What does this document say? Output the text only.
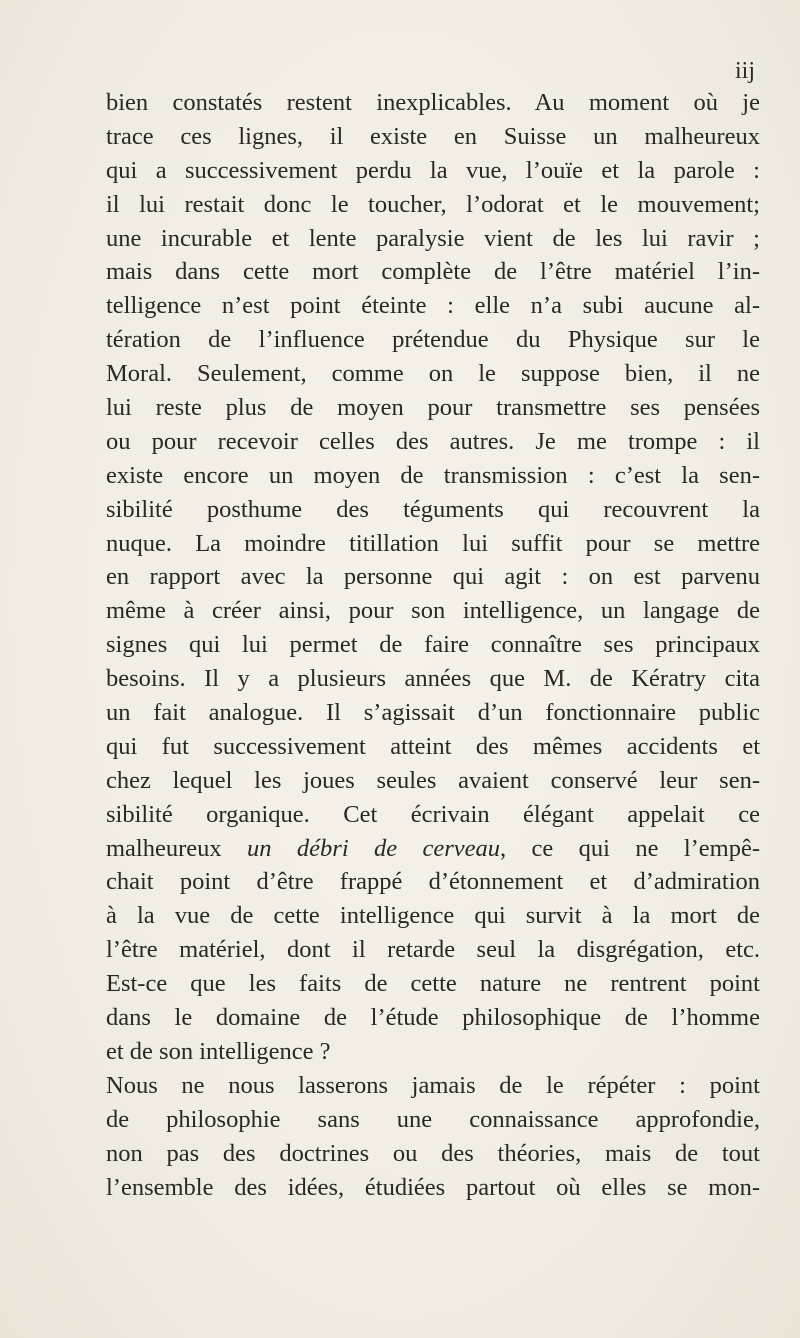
iij
bien constatés restent inexplicables. Au moment où je
trace ces lignes, il existe en Suisse un malheureux
qui a successivement perdu la vue, l’ouïe et la parole :
il lui restait donc le toucher, l’odorat et le mouvement;
une incurable et lente paralysie vient de les lui ravir ;
mais dans cette mort complète de l’être matériel l’in-
telligence n’est point éteinte : elle n’a subi aucune al-
tération de l’influence prétendue du Physique sur le
Moral. Seulement, comme on le suppose bien, il ne
lui reste plus de moyen pour transmettre ses pensées
ou pour recevoir celles des autres. Je me trompe : il
existe encore un moyen de transmission : c’est la sen-
sibilité posthume des téguments qui recouvrent la
nuque. La moindre titillation lui suffit pour se mettre
en rapport avec la personne qui agit : on est parvenu
même à créer ainsi, pour son intelligence, un langage de
signes qui lui permet de faire connaître ses principaux
besoins. Il y a plusieurs années que M. de Kératry cita
un fait analogue. Il s’agissait d’un fonctionnaire public
qui fut successivement atteint des mêmes accidents et
chez lequel les joues seules avaient conservé leur sen-
sibilité organique. Cet écrivain élégant appelait ce
malheureux un débri de cerveau, ce qui ne l’empê-
chait point d’être frappé d’étonnement et d’admiration
à la vue de cette intelligence qui survit à la mort de
l’être matériel, dont il retarde seul la disgrégation, etc.
Est-ce que les faits de cette nature ne rentrent point
dans le domaine de l’étude philosophique de l’homme
et de son intelligence ?
Nous ne nous lasserons jamais de le répéter : point
de philosophie sans une connaissance approfondie,
non pas des doctrines ou des théories, mais de tout
l’ensemble des idées, étudiées partout où elles se mon-
